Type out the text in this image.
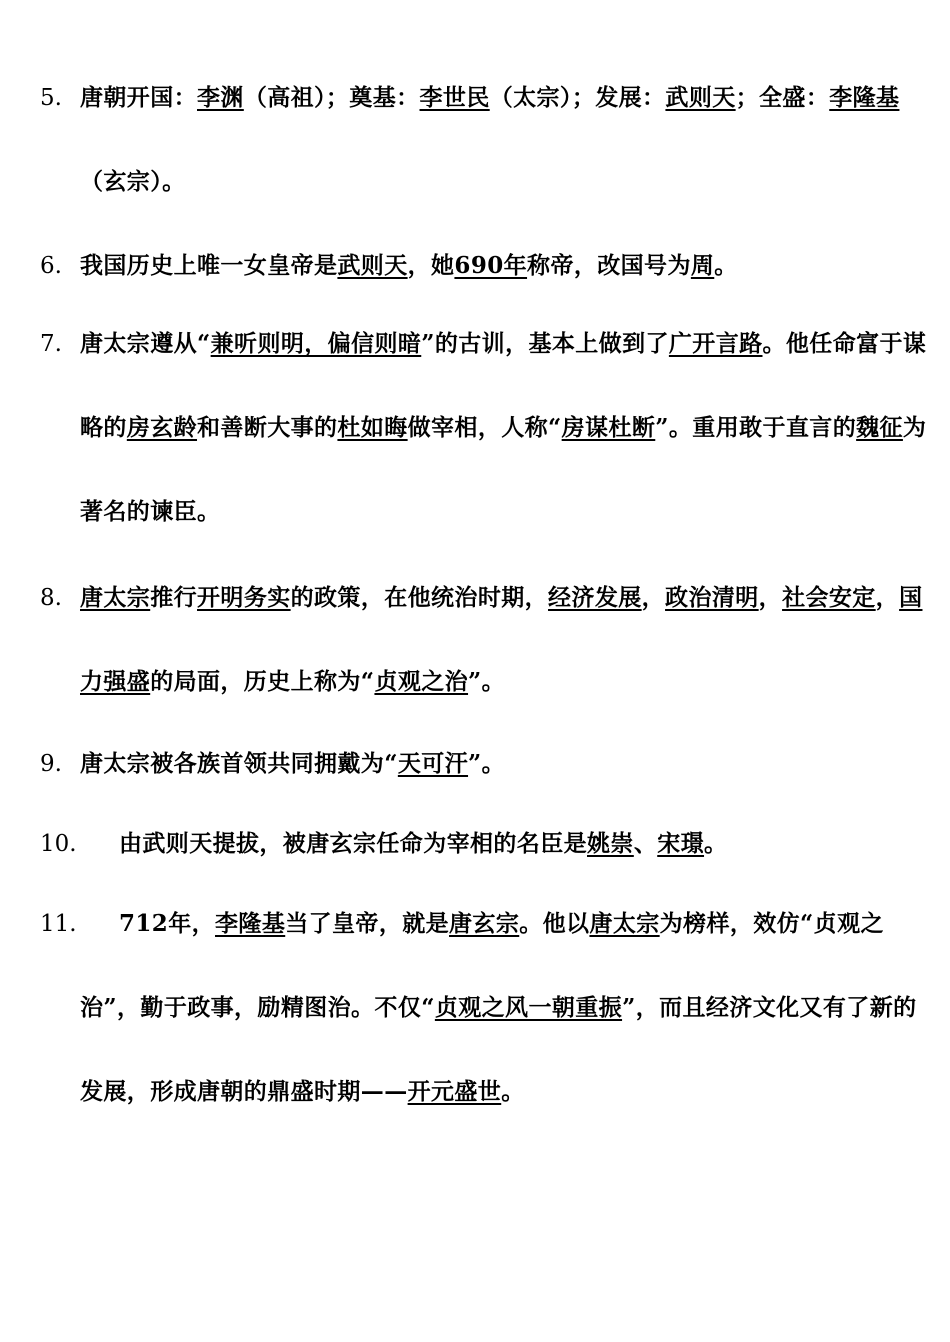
5. 唐朝开国：李渊（高祖）；奠基：李世民（太宗）；发展：武则天；全盛：李隆基（玄宗）。
6. 我国历史上唯一女皇帝是武则天，她690年称帝，改国号为周。
7. 唐太宗遵从“兼听则明，偏信则暗”的古训，基本上做到了广开言路。他任命富于谋略的房玄龄和善断大事的杜如晦做宰相，人称“房谋杜断”。重用敢于直言的魏征为著名的谏臣。
8. 唐太宗推行开明务实的政策，在他统治时期，经济发展，政治清明，社会安定，国力强盛的局面，历史上称为“贞观之治”。
9. 唐太宗被各族首领共同拥戴为“天可汗”。
10. 由武则天提拔，被唐玄宗任命为宰相的名臣是姚崇、宋璟。
11.	712年，李隆基当了皇帝，就是唐玄宗。他以唐太宗为榜样，效仿“贞观之治”，勤于政事，励精图治。不仅“贞观之风一朝重振”，而且经济文化又有了新的发展，形成唐朝的鼎盛时期——开元盛世。
